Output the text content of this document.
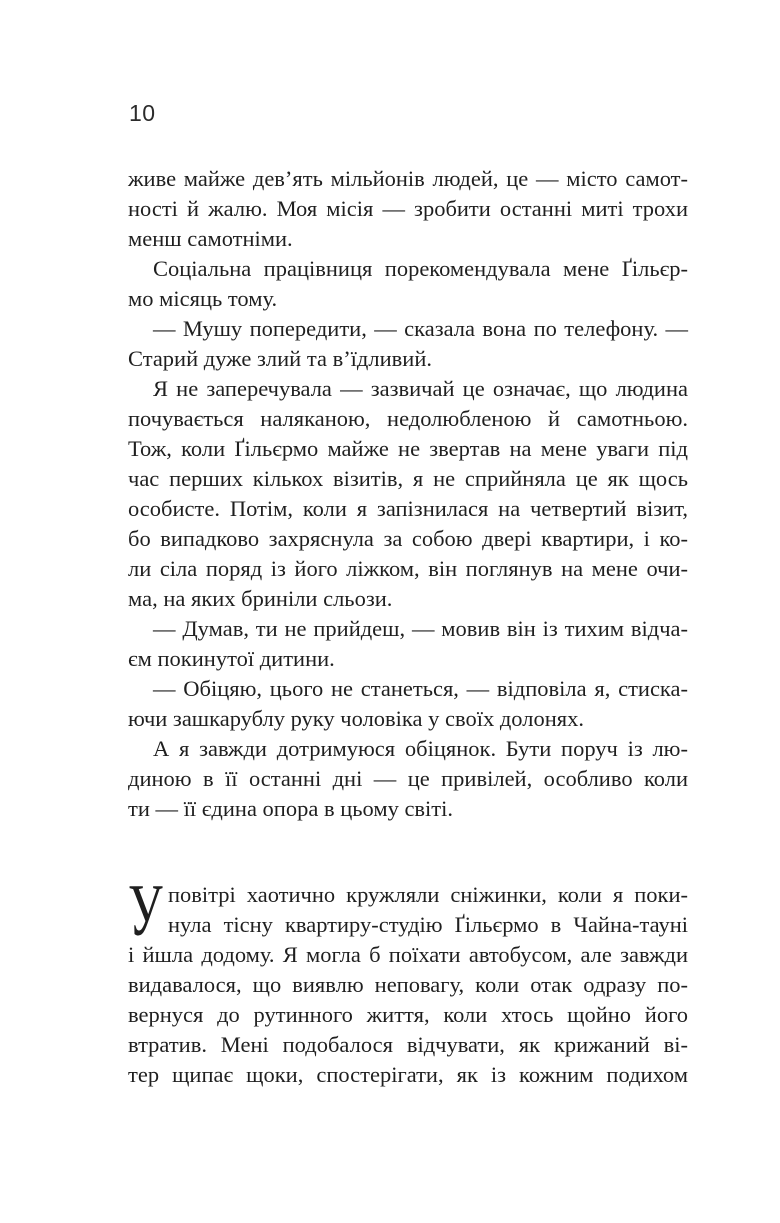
10
живе майже дев’ять мільйонів людей, це — місто самот-
ності й жалю. Моя місія — зробити останні миті трохи
менш самотніми.
Соціальна працівниця порекомендувала мене Ґільєр-
мо місяць тому.
— Мушу попередити, — сказала вона по телефону. —
Старий дуже злий та в’їдливий.
Я не заперечувала — зазвичай це означає, що людина
почувається наляканою, недолюбленою й самотньою.
Тож, коли Ґільєрмо майже не звертав на мене уваги під
час перших кількох візитів, я не сприйняла це як щось
особисте. Потім, коли я запізнилася на четвертий візит,
бо випадково захряснула за собою двері квартири, і ко-
ли сіла поряд із його ліжком, він поглянув на мене очи-
ма, на яких бриніли сльози.
— Думав, ти не прийдеш, — мовив він із тихим відча-
єм покинутої дитини.
— Обіцяю, цього не станеться, — відповіла я, стиска-
ючи зашкарублу руку чоловіка у своїх долонях.
А я завжди дотримуюся обіцянок. Бути поруч із лю-
диною в її останні дні — це привілей, особливо коли
ти — її єдина опора в цьому світі.
У повітрі хаотично кружляли сніжинки, коли я поки-
нула тісну квартиру-студію Ґільєрмо в Чайна-тауні
і йшла додому. Я могла б поїхати автобусом, але завжди
видавалося, що виявлю неповагу, коли отак одразу по-
вернуся до рутинного життя, коли хтось щойно його
втратив. Мені подобалося відчувати, як крижаний ві-
тер щипає щоки, спостерігати, як із кожним подихом
